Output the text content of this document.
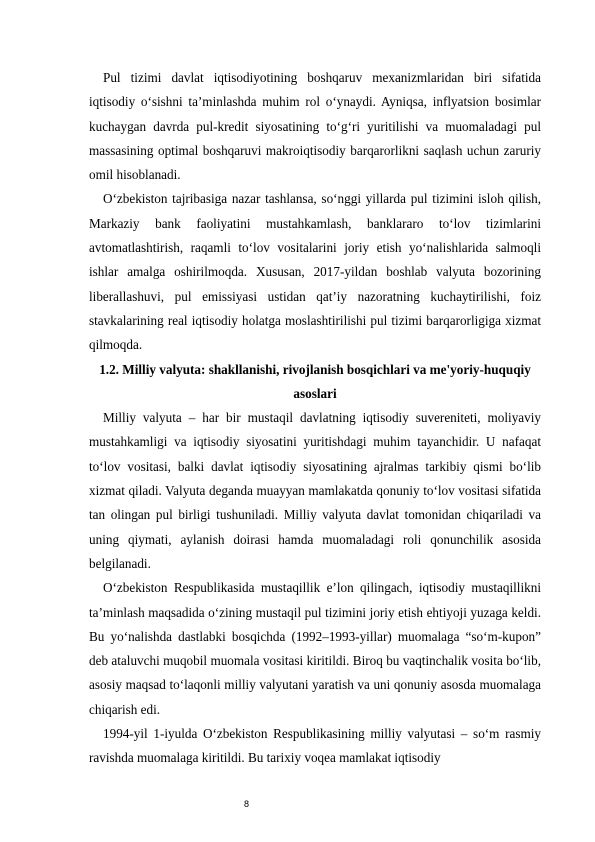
Pul tizimi davlat iqtisodiyotining boshqaruv mexanizmlaridan biri sifatida iqtisodiy o‘sishni ta’minlashda muhim rol o‘ynaydi. Ayniqsa, inflyatsion bosimlar kuchaygan davrda pul-kredit siyosatining to‘g‘ri yuritilishi va muomaladagi pul massasining optimal boshqaruvi makroiqtisodiy barqarorlikni saqlash uchun zaruriy omil hisoblanadi.

O‘zbekiston tajribasiga nazar tashlansa, so‘nggi yillarda pul tizimini isloh qilish, Markaziy bank faoliyatini mustahkamlash, banklararo to‘lov tizimlarini avtomatlashtirish, raqamli to‘lov vositalarini joriy etish yo‘nalishlarida salmoqli ishlar amalga oshirilmoqda. Xususan, 2017-yildan boshlab valyuta bozorining liberallashuvi, pul emissiyasi ustidan qat’iy nazoratning kuchaytirilishi, foiz stavkalarining real iqtisodiy holatga moslashtirilishi pul tizimi barqarorligiga xizmat qilmoqda.

1.2. Milliy valyuta: shakllanishi, rivojlanish bosqichlari va me'yoriy-huquqiy asoslari

Milliy valyuta – har bir mustaqil davlatning iqtisodiy suvereniteti, moliyaviy mustahkamligi va iqtisodiy siyosatini yuritishdagi muhim tayanchidir. U nafaqat to‘lov vositasi, balki davlat iqtisodiy siyosatining ajralmas tarkibiy qismi bo‘lib xizmat qiladi. Valyuta deganda muayyan mamlakatda qonuniy to‘lov vositasi sifatida tan olingan pul birligi tushuniladi. Milliy valyuta davlat tomonidan chiqariladi va uning qiymati, aylanish doirasi hamda muomaladagi roli qonunchilik asosida belgilanadi.

O‘zbekiston Respublikasida mustaqillik e’lon qilingach, iqtisodiy mustaqillikni ta’minlash maqsadida o‘zining mustaqil pul tizimini joriy etish ehtiyoji yuzaga keldi. Bu yo‘nalishda dastlabki bosqichda (1992–1993-yillar) muomalaga “so‘m-kupon” deb ataluvchi muqobil muomala vositasi kiritildi. Biroq bu vaqtinchalik vosita bo‘lib, asosiy maqsad to‘laqonli milliy valyutani yaratish va uni qonuniy asosda muomalaga chiqarish edi.

1994-yil 1-iyulda O‘zbekiston Respublikasining milliy valyutasi – so‘m rasmiy ravishda muomalaga kiritildi. Bu tarixiy voqea mamlakat iqtisodiy

8
